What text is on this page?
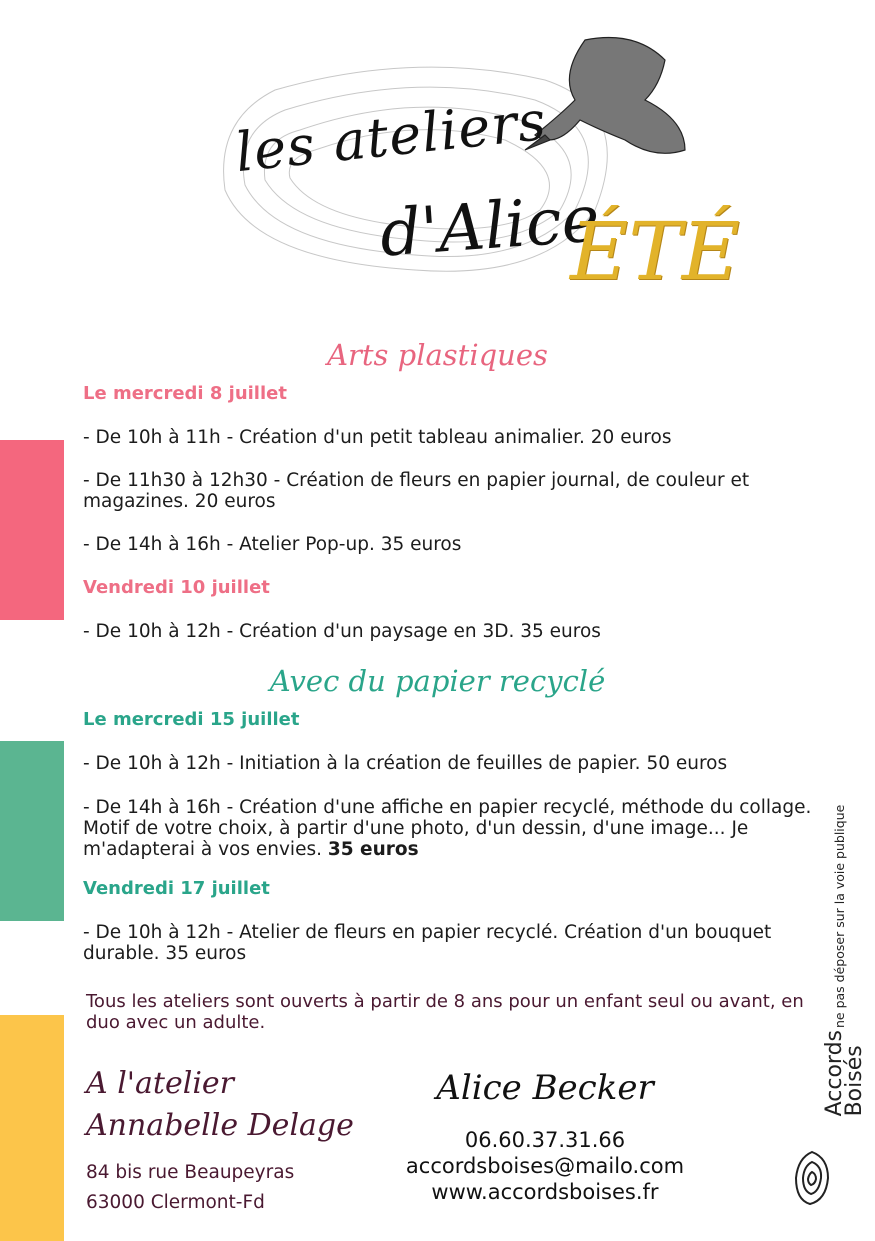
les ateliers
d'Alice
ÉTÉ
Arts plastiques
Le mercredi 8 juillet
- De 10h à 11h - Création d'un petit tableau animalier. 20 euros
- De 11h30 à 12h30 - Création de fleurs en papier journal, de couleur et magazines. 20 euros
- De 14h à 16h - Atelier Pop-up. 35 euros
Vendredi 10 juillet
- De 10h à 12h - Création d'un paysage en 3D. 35 euros
Avec du papier recyclé
Le mercredi 15 juillet
- De 10h à 12h - Initiation à la création de feuilles de papier. 50 euros
- De 14h à 16h - Création d'une affiche en papier recyclé, méthode du collage. Motif de votre choix, à partir d'une photo, d'un dessin, d'une image... Je m'adapterai à vos envies. 35 euros
Vendredi 17 juillet
- De 10h à 12h - Atelier de fleurs en papier recyclé. Création d'un bouquet durable. 35 euros
Tous les ateliers sont ouverts à partir de 8 ans pour un enfant seul ou avant, en duo avec un adulte.	ne pas déposer sur la voie publique
A l'atelier
Annabelle Delage
84 bis rue Beaupeyras
63000 Clermont-Fd
Alice Becker
06.60.37.31.66
accordsboises@mailo.com
www.accordsboises.fr
Accords
Boisés
